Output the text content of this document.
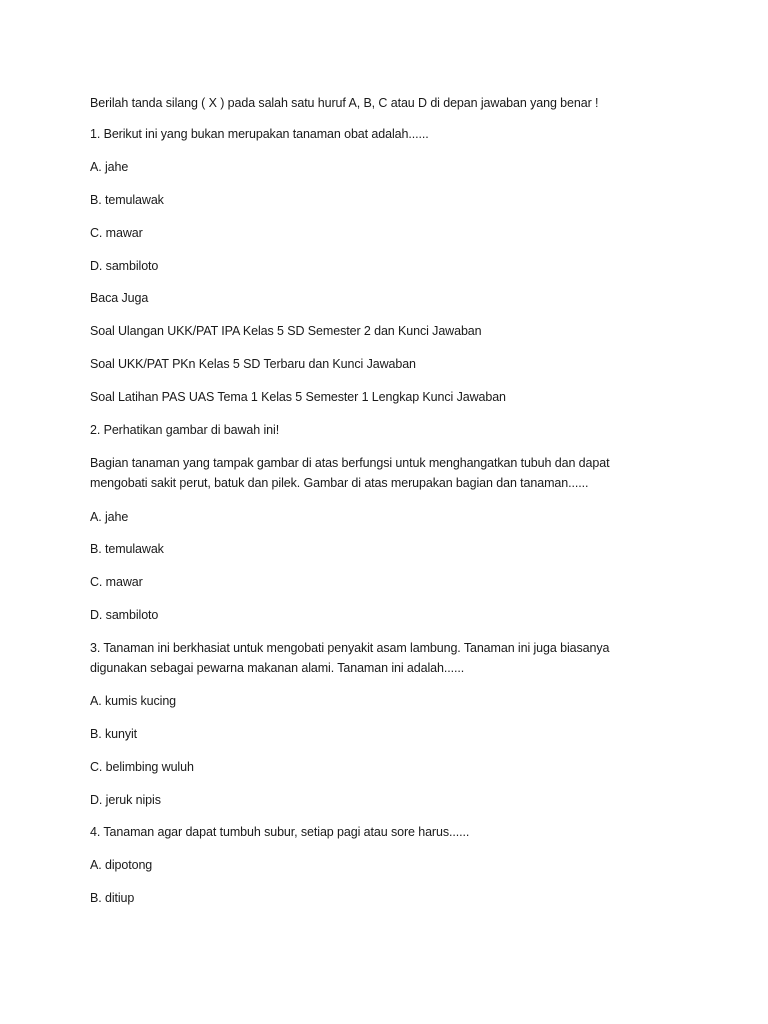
Berilah tanda silang ( X ) pada salah satu huruf A, B, C atau D di depan jawaban yang benar !
1. Berikut ini yang bukan merupakan tanaman obat adalah......
A. jahe
B. temulawak
C. mawar
D. sambiloto
Baca Juga
Soal Ulangan UKK/PAT IPA Kelas 5 SD Semester 2 dan Kunci Jawaban
Soal UKK/PAT PKn Kelas 5 SD Terbaru dan Kunci Jawaban
Soal Latihan PAS UAS Tema 1 Kelas 5 Semester 1 Lengkap Kunci Jawaban
2. Perhatikan gambar di bawah ini!
Bagian tanaman yang tampak gambar di atas berfungsi untuk menghangatkan tubuh dan dapat
mengobati sakit perut, batuk dan pilek. Gambar di atas merupakan bagian dan tanaman......
A. jahe
B. temulawak
C. mawar
D. sambiloto
3. Tanaman ini berkhasiat untuk mengobati penyakit asam lambung. Tanaman ini juga biasanya
digunakan sebagai pewarna makanan alami. Tanaman ini adalah......
A. kumis kucing
B. kunyit
C. belimbing wuluh
D. jeruk nipis
4. Tanaman agar dapat tumbuh subur, setiap pagi atau sore harus......
A. dipotong
B. ditiup
